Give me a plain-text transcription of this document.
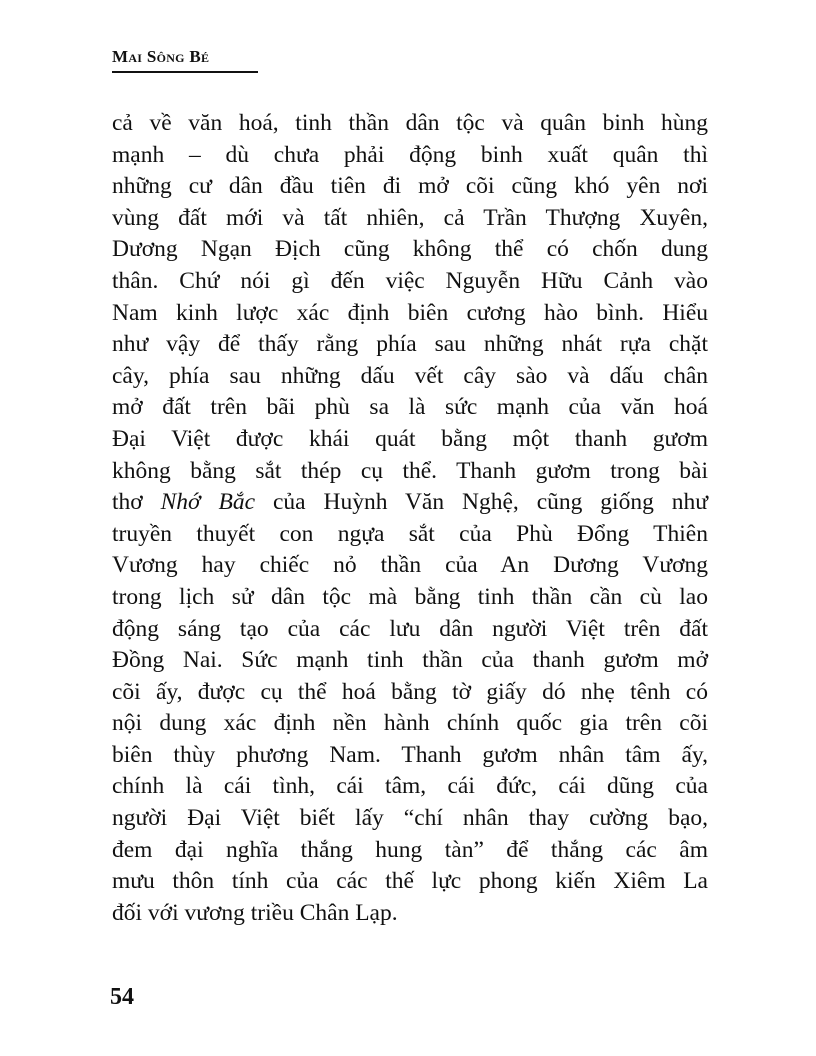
Mai Sông Bé
cả về văn hoá, tinh thần dân tộc và quân binh hùng
mạnh – dù chưa phải động binh xuất quân thì
những cư dân đầu tiên đi mở cõi cũng khó yên nơi
vùng đất mới và tất nhiên, cả Trần Thượng Xuyên,
Dương Ngạn Địch cũng không thể có chốn dung
thân. Chứ nói gì đến việc Nguyễn Hữu Cảnh vào
Nam kinh lược xác định biên cương hào bình. Hiểu
như vậy để thấy rằng phía sau những nhát rựa chặt
cây, phía sau những dấu vết cây sào và dấu chân
mở đất trên bãi phù sa là sức mạnh của văn hoá
Đại Việt được khái quát bằng một thanh gươm
không bằng sắt thép cụ thể. Thanh gươm trong bài
thơ Nhớ Bắc của Huỳnh Văn Nghệ, cũng giống như
truyền thuyết con ngựa sắt của Phù Đổng Thiên
Vương hay chiếc nỏ thần của An Dương Vương
trong lịch sử dân tộc mà bằng tinh thần cần cù lao
động sáng tạo của các lưu dân người Việt trên đất
Đồng Nai. Sức mạnh tinh thần của thanh gươm mở
cõi ấy, được cụ thể hoá bằng tờ giấy dó nhẹ tênh có
nội dung xác định nền hành chính quốc gia trên cõi
biên thùy phương Nam. Thanh gươm nhân tâm ấy,
chính là cái tình, cái tâm, cái đức, cái dũng của
người Đại Việt biết lấy “chí nhân thay cường bạo,
đem đại nghĩa thắng hung tàn” để thắng các âm
mưu thôn tính của các thế lực phong kiến Xiêm La
đối với vương triều Chân Lạp.
54
